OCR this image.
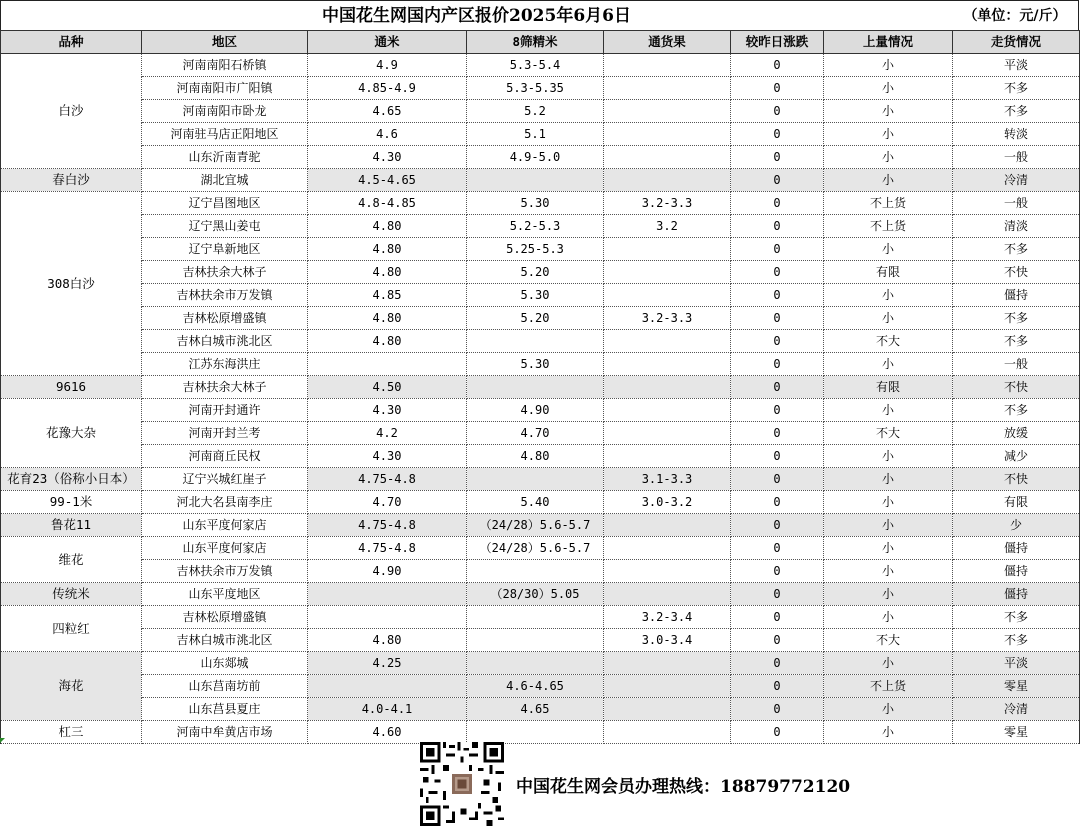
中国花生网国内产区报价2025年6月6日	（单位：元/斤）
品种	地区	通米	8筛精米	通货果	较昨日涨跌	上量情况	走货情况
白沙	河南南阳石桥镇	4.9	5.3-5.4		0	小	平淡
	河南南阳市广阳镇	4.85-4.9	5.3-5.35		0	小	不多
	河南南阳市卧龙	4.65	5.2		0	小	不多
	河南驻马店正阳地区	4.6	5.1		0	小	转淡
	山东沂南青驼	4.30	4.9-5.0		0	小	一般
春白沙	湖北宜城	4.5-4.65			0	小	冷清
308白沙	辽宁昌图地区	4.8-4.85	5.30	3.2-3.3	0	不上货	一般
	辽宁黑山姜屯	4.80	5.2-5.3	3.2	0	不上货	清淡
	辽宁阜新地区	4.80	5.25-5.3		0	小	不多
	吉林扶余大林子	4.80	5.20		0	有限	不快
	吉林扶余市万发镇	4.85	5.30		0	小	僵持
	吉林松原增盛镇	4.80	5.20	3.2-3.3	0	小	不多
	吉林白城市洮北区	4.80			0	不大	不多
	江苏东海洪庄		5.30		0	小	一般
9616	吉林扶余大林子	4.50			0	有限	不快
花豫大杂	河南开封通许	4.30	4.90		0	小	不多
	河南开封兰考	4.2	4.70		0	不大	放缓
	河南商丘民权	4.30	4.80		0	小	减少
花育23（俗称小日本）	辽宁兴城红崖子	4.75-4.8		3.1-3.3	0	小	不快
99-1米	河北大名县南李庄	4.70	5.40	3.0-3.2	0	小	有限
鲁花11	山东平度何家店	4.75-4.8	（24/28）5.6-5.7		0	小	少
维花	山东平度何家店	4.75-4.8	（24/28）5.6-5.7		0	小	僵持
	吉林扶余市万发镇	4.90			0	小	僵持
传统米	山东平度地区		（28/30）5.05		0	小	僵持
四粒红	吉林松原增盛镇			3.2-3.4	0	小	不多
	吉林白城市洮北区	4.80		3.0-3.4	0	不大	不多
海花	山东郯城	4.25			0	小	平淡
	山东莒南坊前		4.6-4.65		0	不上货	零星
	山东莒县夏庄	4.0-4.1	4.65		0	小	冷清
杠三	河南中牟黄店市场	4.60			0	小	零星
中国花生网会员办理热线：18879772120
